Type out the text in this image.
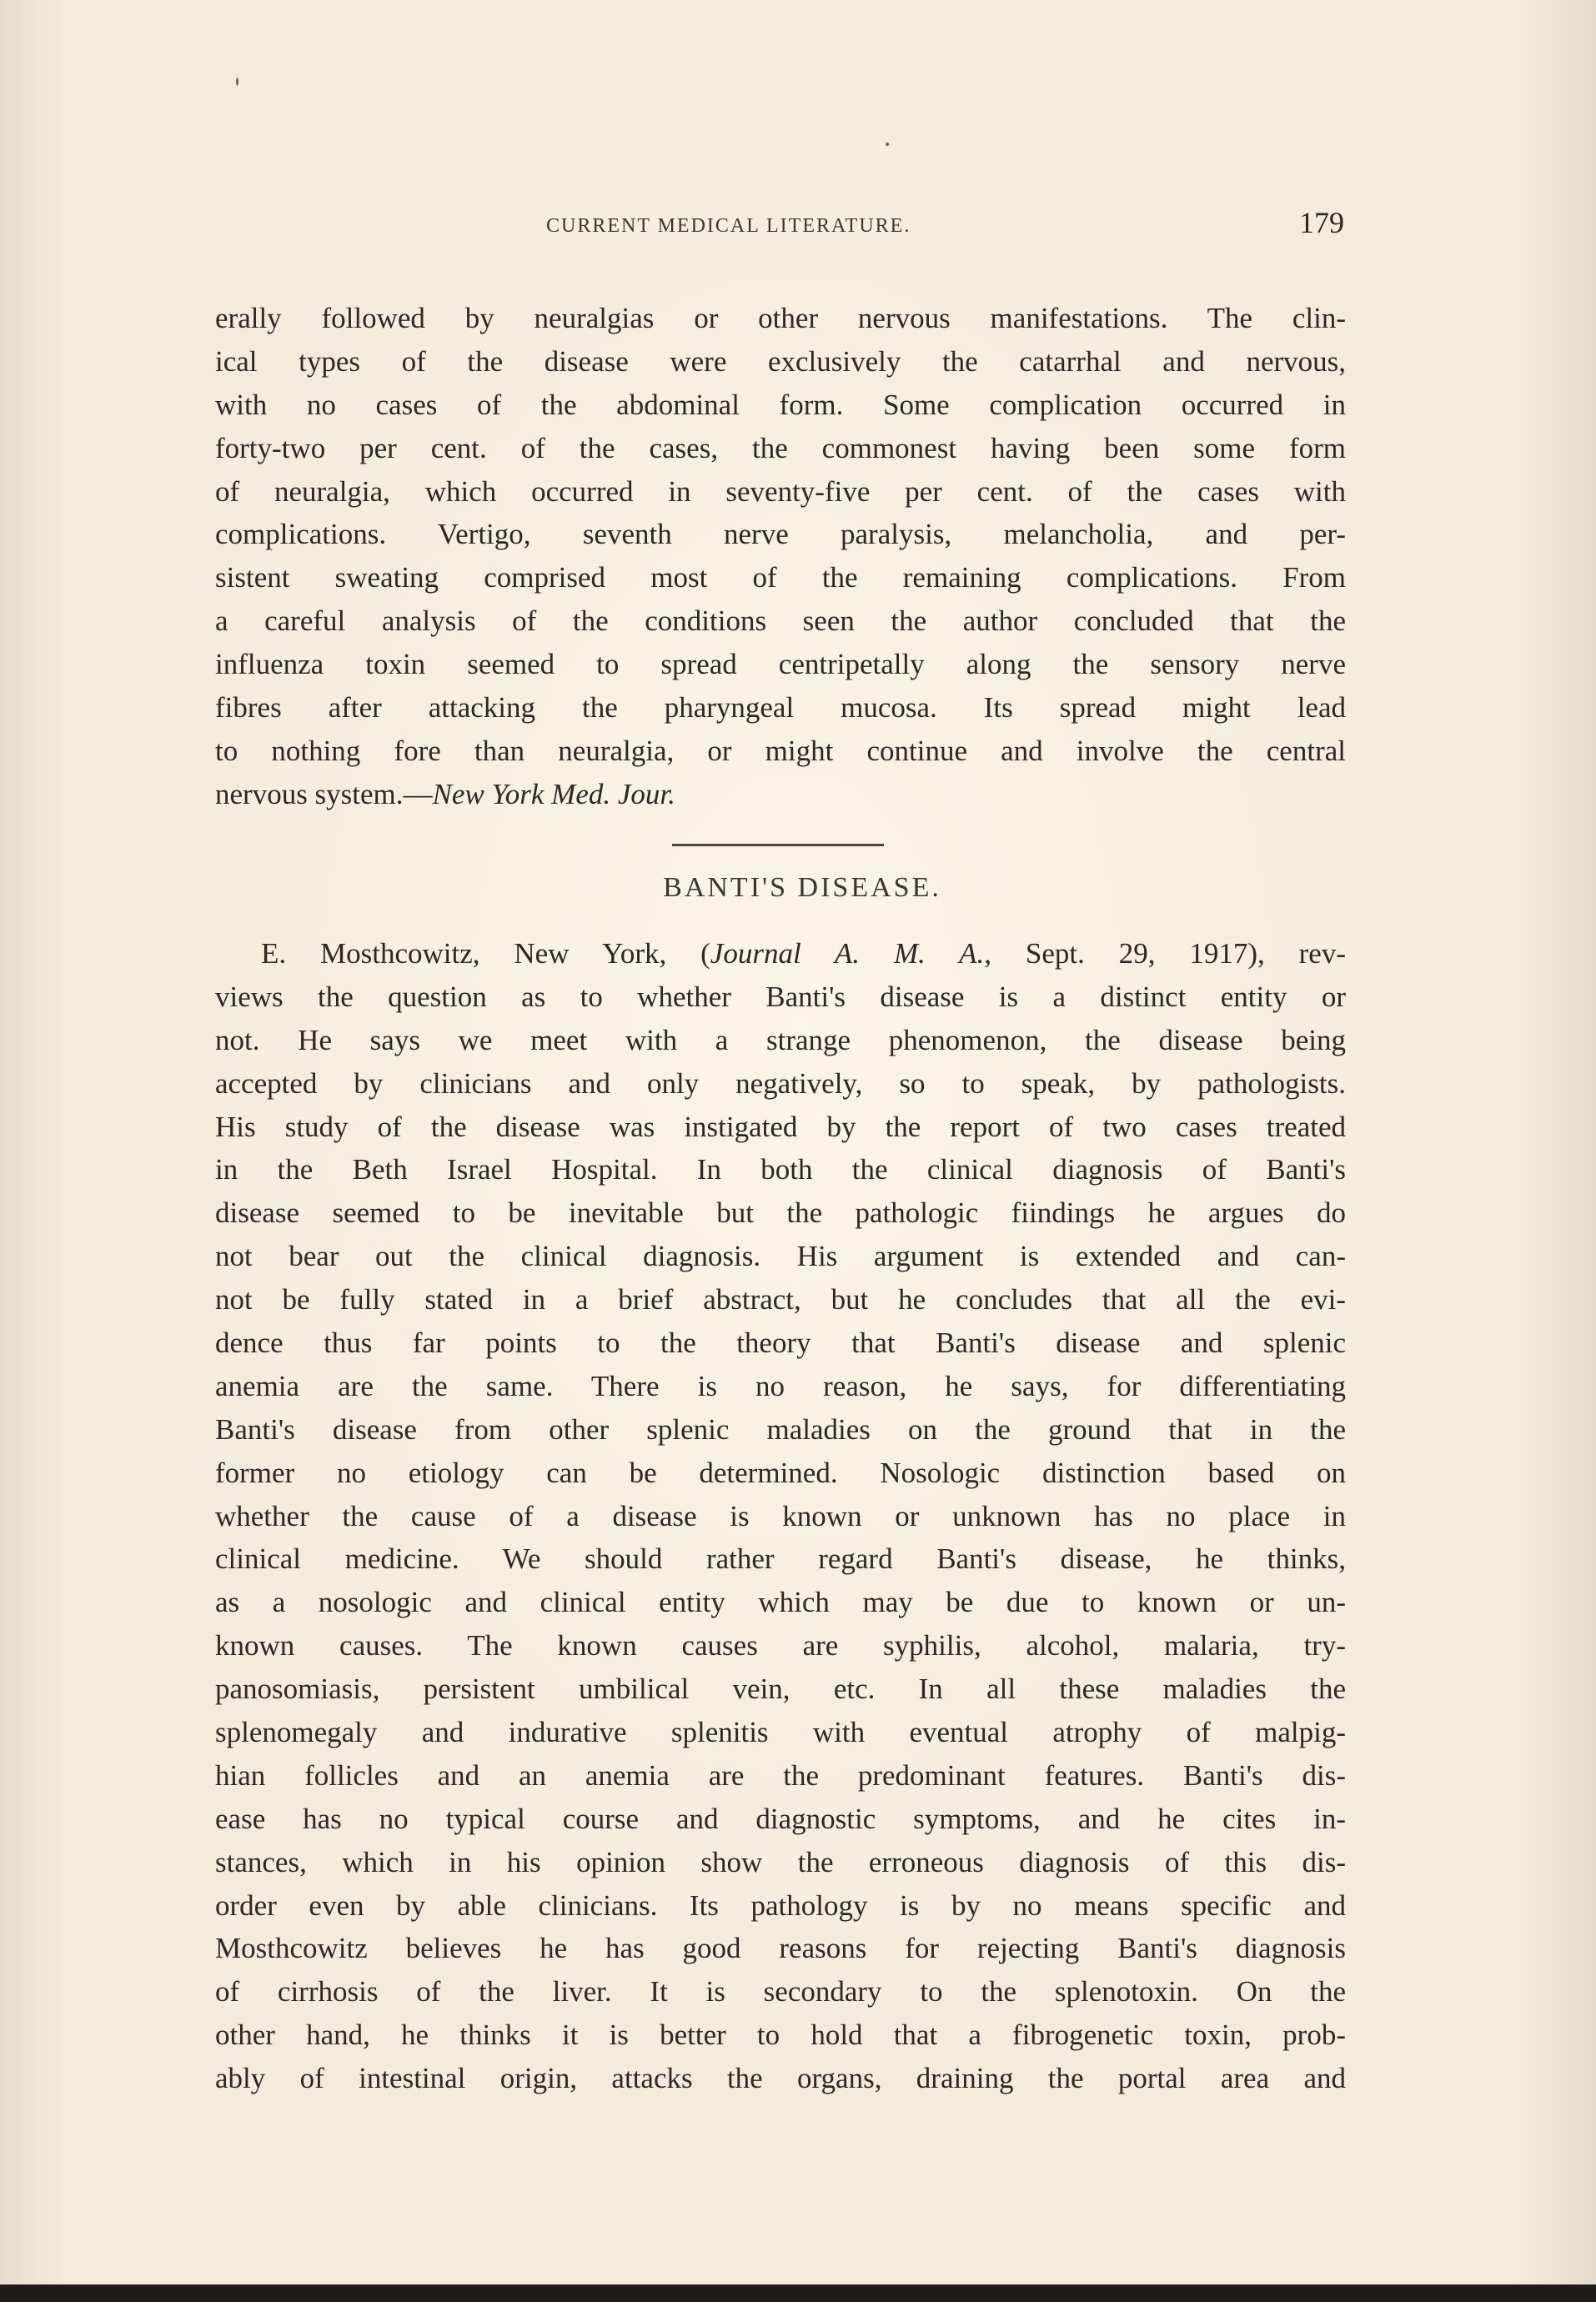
CURRENT MEDICAL LITERATURE.	179
erally followed by neuralgias or other nervous manifestations. The clin-
ical types of the disease were exclusively the catarrhal and nervous,
with no cases of the abdominal form. Some complication occurred in
forty-two per cent. of the cases, the commonest having been some form
of neuralgia, which occurred in seventy-five per cent. of the cases with
complications. Vertigo, seventh nerve paralysis, melancholia, and per-
sistent sweating comprised most of the remaining complications. From
a careful analysis of the conditions seen the author concluded that the
influenza toxin seemed to spread centripetally along the sensory nerve
fibres after attacking the pharyngeal mucosa. Its spread might lead
to nothing fore than neuralgia, or might continue and involve the central
nervous system.—New York Med. Jour.
BANTI'S DISEASE.
E. Mosthcowitz, New York, (Journal A. M. A., Sept. 29, 1917), rev-
views the question as to whether Banti's disease is a distinct entity or
not. He says we meet with a strange phenomenon, the disease being
accepted by clinicians and only negatively, so to speak, by pathologists.
His study of the disease was instigated by the report of two cases treated
in the Beth Israel Hospital. In both the clinical diagnosis of Banti's
disease seemed to be inevitable but the pathologic fiindings he argues do
not bear out the clinical diagnosis. His argument is extended and can-
not be fully stated in a brief abstract, but he concludes that all the evi-
dence thus far points to the theory that Banti's disease and splenic
anemia are the same. There is no reason, he says, for differentiating
Banti's disease from other splenic maladies on the ground that in the
former no etiology can be determined. Nosologic distinction based on
whether the cause of a disease is known or unknown has no place in
clinical medicine. We should rather regard Banti's disease, he thinks,
as a nosologic and clinical entity which may be due to known or un-
known causes. The known causes are syphilis, alcohol, malaria, try-
panosomiasis, persistent umbilical vein, etc. In all these maladies the
splenomegaly and indurative splenitis with eventual atrophy of malpig-
hian follicles and an anemia are the predominant features. Banti's dis-
ease has no typical course and diagnostic symptoms, and he cites in-
stances, which in his opinion show the erroneous diagnosis of this dis-
order even by able clinicians. Its pathology is by no means specific and
Mosthcowitz believes he has good reasons for rejecting Banti's diagnosis
of cirrhosis of the liver. It is secondary to the splenotoxin. On the
other hand, he thinks it is better to hold that a fibrogenetic toxin, prob-
ably of intestinal origin, attacks the organs, draining the portal area and
